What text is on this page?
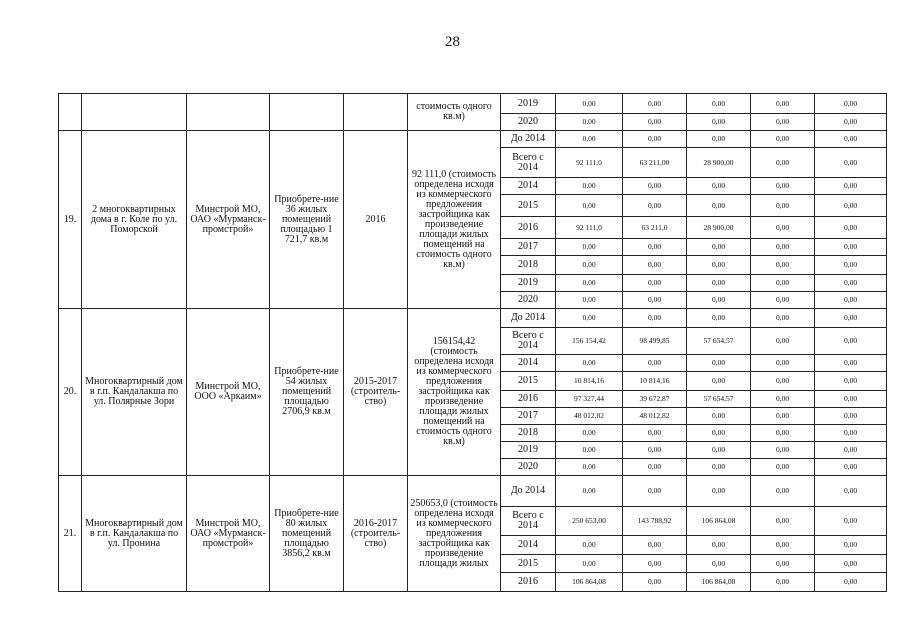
28
					стоимость одного кв.м)	2019	0,00	0,00	0,00	0,00	0,00
						2020	0,00	0,00	0,00	0,00	0,00
19.	2 многоквартирных дома в г. Коле по ул. Поморской	Минстрой МО, ОАО «Мурманск-промстрой»	Приобрете-ние 36 жилых помещений площадью 1 721,7 кв.м	2016	92 111,0 (стоимость определена исходя из коммерческого предложения застройщика как произведение площади жилых помещений на стоимость одного кв.м)	До 2014	0,00	0,00	0,00	0,00	0,00
						Всего с 2014	92 111,0	63 211,00	28 900,00	0,00	0,00
						2014	0,00	0,00	0,00	0,00	0,00
						2015	0,00	0,00	0,00	0,00	0,00
						2016	92 111,0	63 211,0	28 900,00	0,00	0,00
						2017	0,00	0,00	0,00	0,00	0,00
						2018	0,00	0,00	0,00	0,00	0,00
						2019	0,00	0,00	0,00	0,00	0,00
						2020	0,00	0,00	0,00	0,00	0,00
20.	Многоквартирный дом в г.п. Кандалакша по ул. Полярные Зори	Минстрой МО, ООО «Аркаим»	Приобрете-ние 54 жилых помещений площадью 2706,9 кв.м	2015-2017 (строитель-ство)	156154,42 (стоимость определена исходя из коммерческого предложения застройщика как произведение площади жилых помещений на стоимость одного кв.м)	До 2014	0,00	0,00	0,00	0,00	0,00
						Всего с 2014	156 154,42	98 499,85	57 654,57	0,00	0,00
						2014	0,00	0,00	0,00	0,00	0,00
						2015	10 814,16	10 814,16	0,00	0,00	0,00
						2016	97 327,44	39 672,87	57 654,57	0,00	0,00
						2017	48 012,82	48 012,82	0,00	0,00	0,00
						2018	0,00	0,00	0,00	0,00	0,00
						2019	0,00	0,00	0,00	0,00	0,00
						2020	0,00	0,00	0,00	0,00	0,00
21.	Многоквартирный дом в г.п. Кандалакша по ул. Пронина	Минстрой МО, ОАО «Мурманск-промстрой»	Приобрете-ние 80 жилых помещений площадью 3856,2 кв.м	2016-2017 (строитель-ство)	250653,0 (стоимость определена исходя из коммерческого предложения застройщика как произведение площади жилых	До 2014	0,00	0,00	0,00	0,00	0,00
						Всего с 2014	250 653,00	143 788,92	106 864,08	0,00	0,00
						2014	0,00	0,00	0,00	0,00	0,00
						2015	0,00	0,00	0,00	0,00	0,00
						2016	106 864,08	0,00	106 864,08	0,00	0,00
